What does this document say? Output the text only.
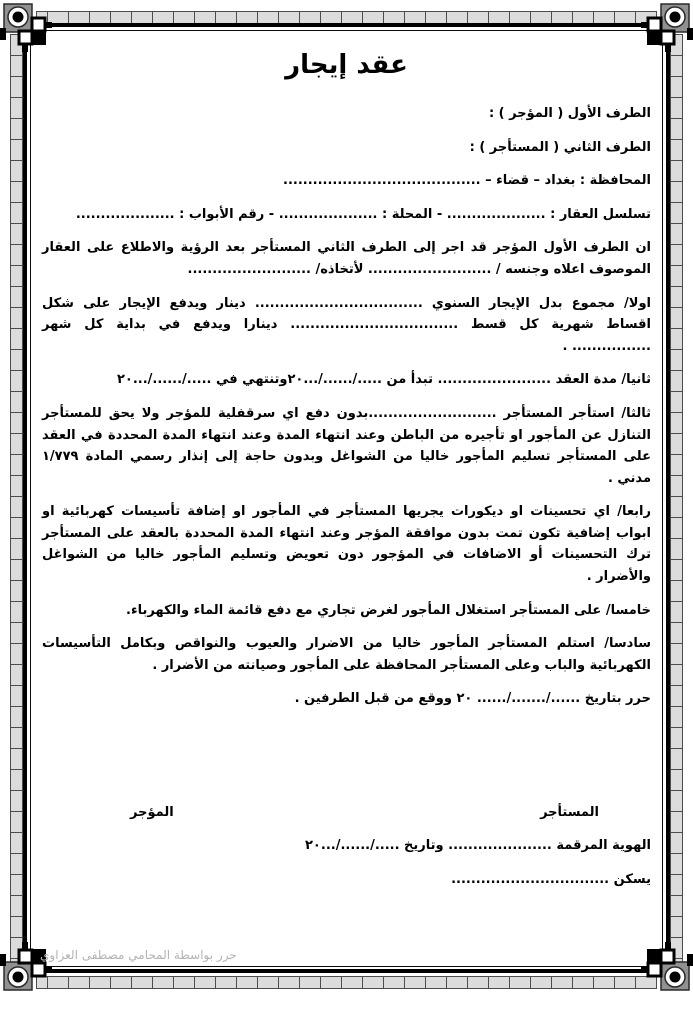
عقد إيجار

الطرف الأول ( المؤجر ) :

الطرف الثاني ( المستأجر ) :

المحافظة : بغداد – قضاء – ........................................

تسلسل العقار : .................... - المحلة : .................... - رقم الأبواب : ....................

ان الطرف الأول المؤجر قد اجر إلى الطرف الثاني المستأجر بعد الرؤية والاطلاع على العقار الموصوف اعلاه وجنسه / ......................... لأتخاذه/ .........................

اولا/ مجموع بدل الإيجار السنوي .................................. دينار ويدفع الإيجار على شكل اقساط شهرية كل قسط .................................. دينارا ويدفع في بداية كل شهر ................ .

ثانيا/ مدة العقد ....................... تبدأ من ...../....../...٢٠وتنتهي في ...../....../...٢٠

ثالثا/ استأجر المستأجر ..........................بدون دفع اي سرقفلية للمؤجر ولا يحق للمستأجر التنازل عن المأجور او تأجيره من الباطن وعند انتهاء المدة وعند انتهاء المدة المحددة في العقد على المستأجر تسليم المأجور خاليا من الشواغل وبدون حاجة إلى إنذار رسمي المادة ١/٧٧٩ مدني .

رابعا/ اي تحسينات او ديكورات يجريها المستأجر في المأجور او إضافة تأسيسات كهربائية او ابواب إضافية تكون تمت بدون موافقة المؤجر وعند انتهاء المدة المحددة بالعقد على المستأجر ترك التحسينات أو الاضافات في المؤجور دون تعويض وتسليم المأجور خاليا من الشواغل والأضرار .

خامسا/ على المستأجر استغلال المأجور لغرض تجاري مع دفع قائمة الماء والكهرباء.

سادسا/ استلم المستأجر المأجور خاليا من الاضرار والعيوب والنواقص وبكامل التأسيسات الكهربائية والباب وعلى المستأجر المحافظة على المأجور وصيانته من الأضرار .

حرر بتاريخ ....../......./...... ٢٠ ووقع من قبل الطرفين .

المستأجر
المؤجر

الهوية المرقمة ..................... وتاريخ ...../....../...٢٠

يسكن ................................

حرر بواسطة المحامي مصطفى العزاوي
